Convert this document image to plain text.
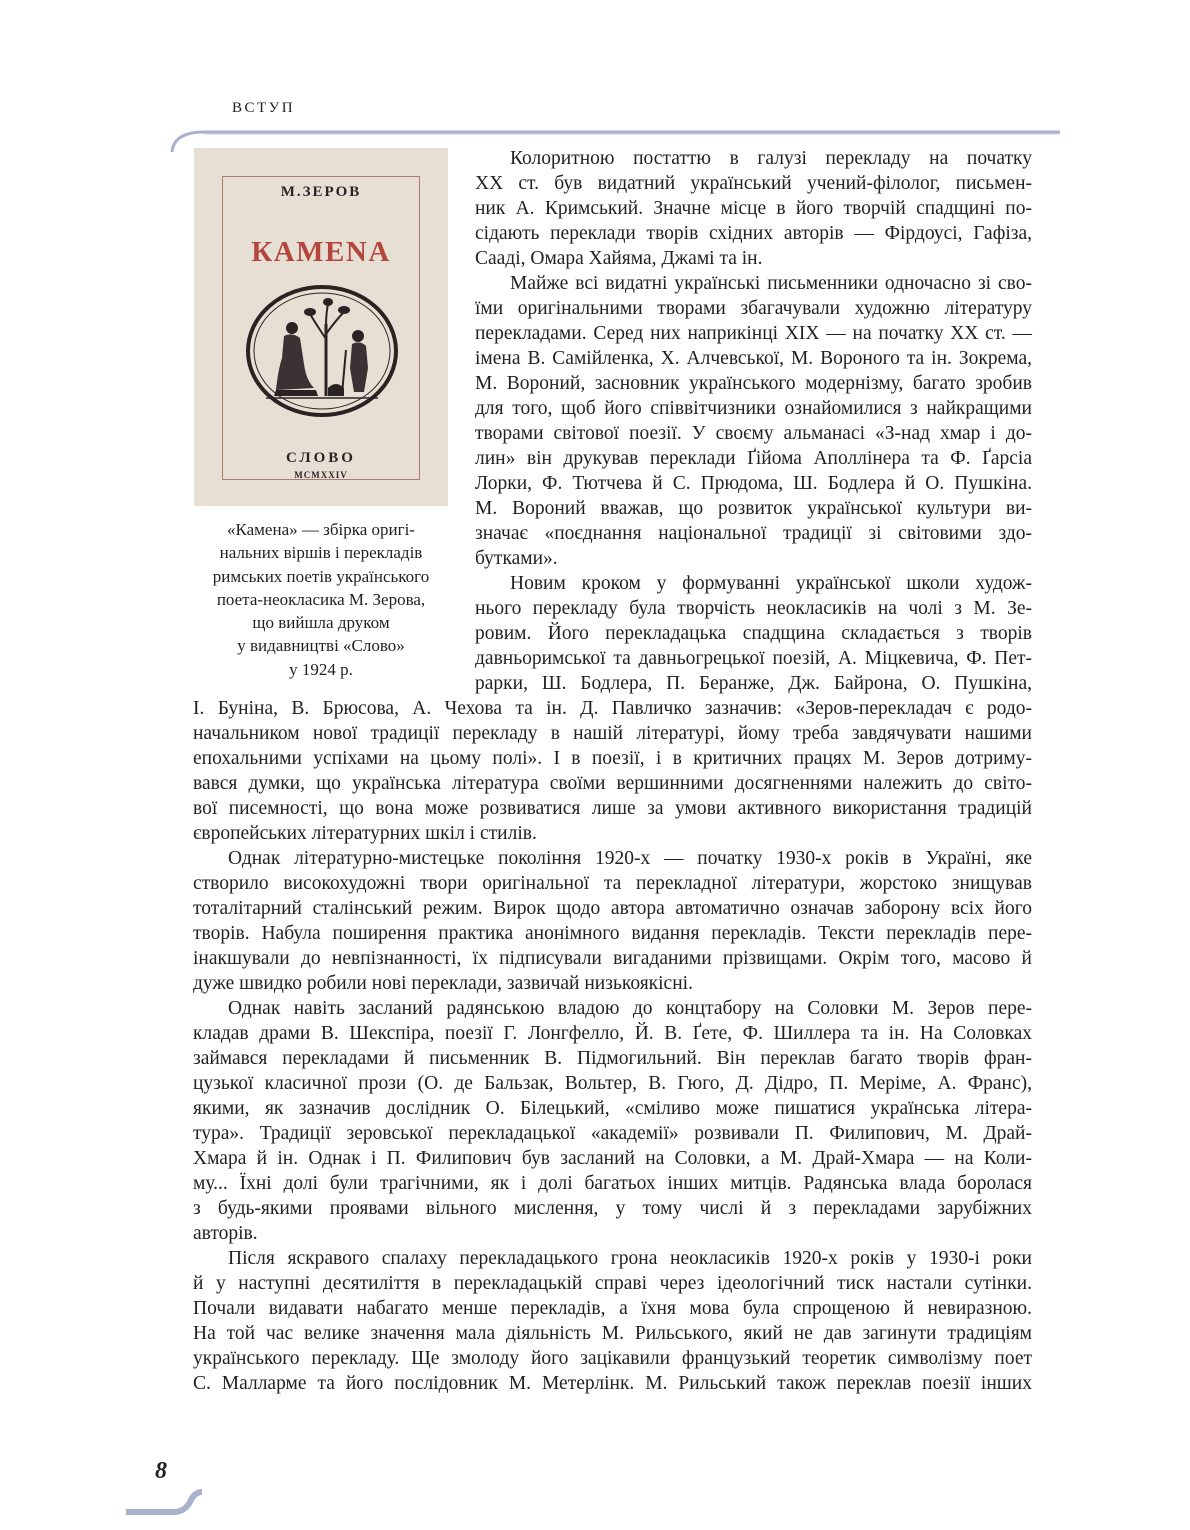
ВСТУП
М.ЗЕРОВ
КАМЕNА
СЛОВО
MCMXXIV
«Камена» — збірка оригі-
нальних віршів і перекладів
римських поетів українського
поета-неокласика М. Зерова,
що вийшла друком
у видавництві «Слово»
у 1924 р.
Колоритною постаттю в галузі перекладу на початку
XX ст. був видатний український учений-філолог, письмен-
ник А. Кримський. Значне місце в його творчій спадщині по-
сідають переклади творів східних авторів — Фірдоусі, Гафіза,
Сааді, Омара Хайяма, Джамі та ін.
Майже всі видатні українські письменники одночасно зі сво-
їми оригінальними творами збагачували художню літературу
перекладами. Серед них наприкінці XIX — на початку XX ст. —
імена В. Самійленка, Х. Алчевської, М. Вороного та ін. Зокрема,
М. Вороний, засновник українського модернізму, багато зробив
для того, щоб його співвітчизники ознайомилися з найкращими
творами світової поезії. У своєму альманасі «З-над хмар і до-
лин» він друкував переклади Ґійома Аполлінера та Ф. Ґарсіа
Лорки, Ф. Тютчева й С. Прюдома, Ш. Бодлера й О. Пушкіна.
М. Вороний вважав, що розвиток української культури ви-
значає «поєднання національної традиції зі світовими здо-
бутками».
Новим кроком у формуванні української школи худож-
нього перекладу була творчість неокласиків на чолі з М. Зе-
ровим. Його перекладацька спадщина складається з творів
давньоримської та давньогрецької поезій, А. Міцкевича, Ф. Пет-
рарки, Ш. Бодлера, П. Беранже, Дж. Байрона, О. Пушкіна,
І. Буніна, В. Брюсова, А. Чехова та ін. Д. Павличко зазначив: «Зеров-перекладач є родо-
начальником нової традиції перекладу в нашій літературі, йому треба завдячувати нашими
епохальними успіхами на цьому полі». І в поезії, і в критичних працях М. Зеров дотриму-
вався думки, що українська література своїми вершинними досягненнями належить до світо-
вої писемності, що вона може розвиватися лише за умови активного використання традицій
європейських літературних шкіл і стилів.
Однак літературно-мистецьке покоління 1920-х — початку 1930-х років в Україні, яке
створило високохудожні твори оригінальної та перекладної літератури, жорстоко знищував
тоталітарний сталінський режим. Вирок щодо автора автоматично означав заборону всіх його
творів. Набула поширення практика анонімного видання перекладів. Тексти перекладів пере-
інакшували до невпізнанності, їх підписували вигаданими прізвищами. Окрім того, масово й
дуже швидко робили нові переклади, зазвичай низькоякісні.
Однак навіть засланий радянською владою до концтабору на Соловки М. Зеров пере-
кладав драми В. Шекспіра, поезії Г. Лонгфелло, Й. В. Ґете, Ф. Шиллера та ін. На Соловках
займався перекладами й письменник В. Підмогильний. Він переклав багато творів фран-
цузької класичної прози (О. де Бальзак, Вольтер, В. Гюго, Д. Дідро, П. Меріме, А. Франс),
якими, як зазначив дослідник О. Білецький, «сміливо може пишатися українська літера-
тура». Традиції зеровської перекладацької «академії» розвивали П. Филипович, М. Драй-
Хмара й ін. Однак і П. Филипович був засланий на Соловки, а М. Драй-Хмара — на Коли-
му... Їхні долі були трагічними, як і долі багатьох інших митців. Радянська влада боролася
з будь-якими проявами вільного мислення, у тому числі й з перекладами зарубіжних
авторів.
Після яскравого спалаху перекладацького грона неокласиків 1920-х років у 1930-і роки
й у наступні десятиліття в перекладацькій справі через ідеологічний тиск настали сутінки.
Почали видавати набагато менше перекладів, а їхня мова була спрощеною й невиразною.
На той час велике значення мала діяльність М. Рильського, який не дав загинути традиціям
українського перекладу. Ще змолоду його зацікавили французький теоретик символізму поет
С. Малларме та його послідовник М. Метерлінк. М. Рильський також переклав поезії інших
8
